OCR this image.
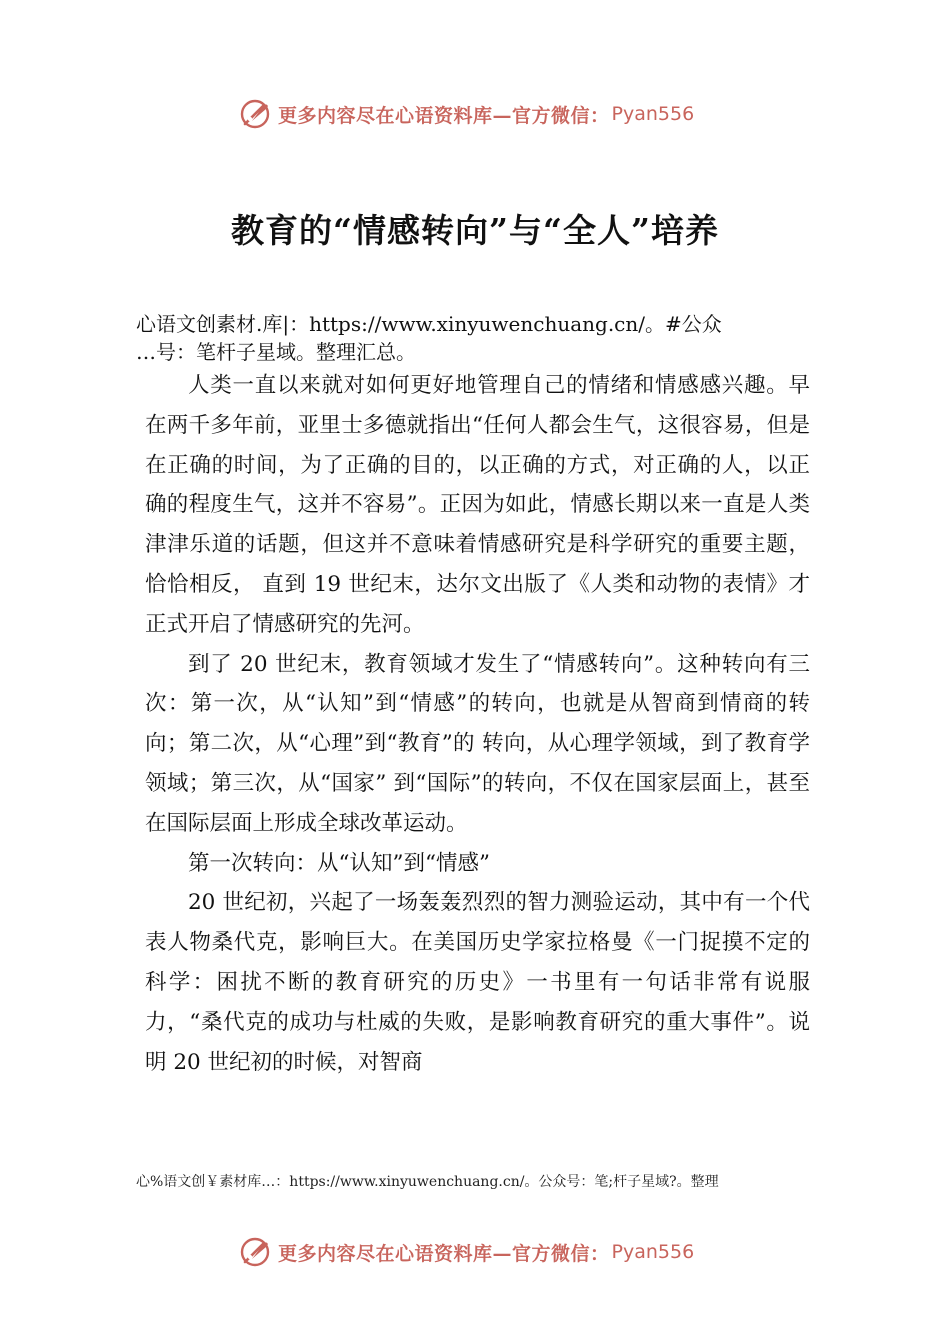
更多内容尽在心语资料库—官方微信： Pyan556
教育的“情感转向”与“全人”培养
心语文创素材.库|：https://www.xinyuwenchuang.cn/。#公众
…号：笔杆子星域。整理汇总。

人类一直以来就对如何更好地管理自己的情绪和情感感兴趣。早在两千多年前，亚里士多德就指出“任何人都会生气，这很容易，但是在正确的时间，为了正确的目的，以正确的方式，对正确的人，以正确的程度生气，这并不容易”。正因为如此，情感长期以来一直是人类津津乐道的话题，但这并不意味着情感研究是科学研究的重要主题，恰恰相反， 直到 19 世纪末，达尔文出版了《人类和动物的表情》才正式开启了情感研究的先河。

到了 20 世纪末，教育领域才发生了“情感转向”。这种转向有三次：第一次，从“认知”到“情感”的转向，也就是从智商到情商的转向；第二次，从“心理”到“教育”的 转向，从心理学领域，到了教育学领域；第三次，从“国家” 到“国际”的转向，不仅在国家层面上，甚至在国际层面上形成全球改革运动。

第一次转向：从“认知”到“情感”

20 世纪初，兴起了一场轰轰烈烈的智力测验运动，其中有一个代表人物桑代克，影响巨大。在美国历史学家拉格曼《一门捉摸不定的科学：困扰不断的教育研究的历史》一书里有一句话非常有说服力，“桑代克的成功与杜威的失败，是影响教育研究的重大事件”。说明 20 世纪初的时候，对智商

心%语文创￥素材库…：https://www.xinyuwenchuang.cn/。公众号：笔;杆子星域?。整理
更多内容尽在心语资料库—官方微信： Pyan556
